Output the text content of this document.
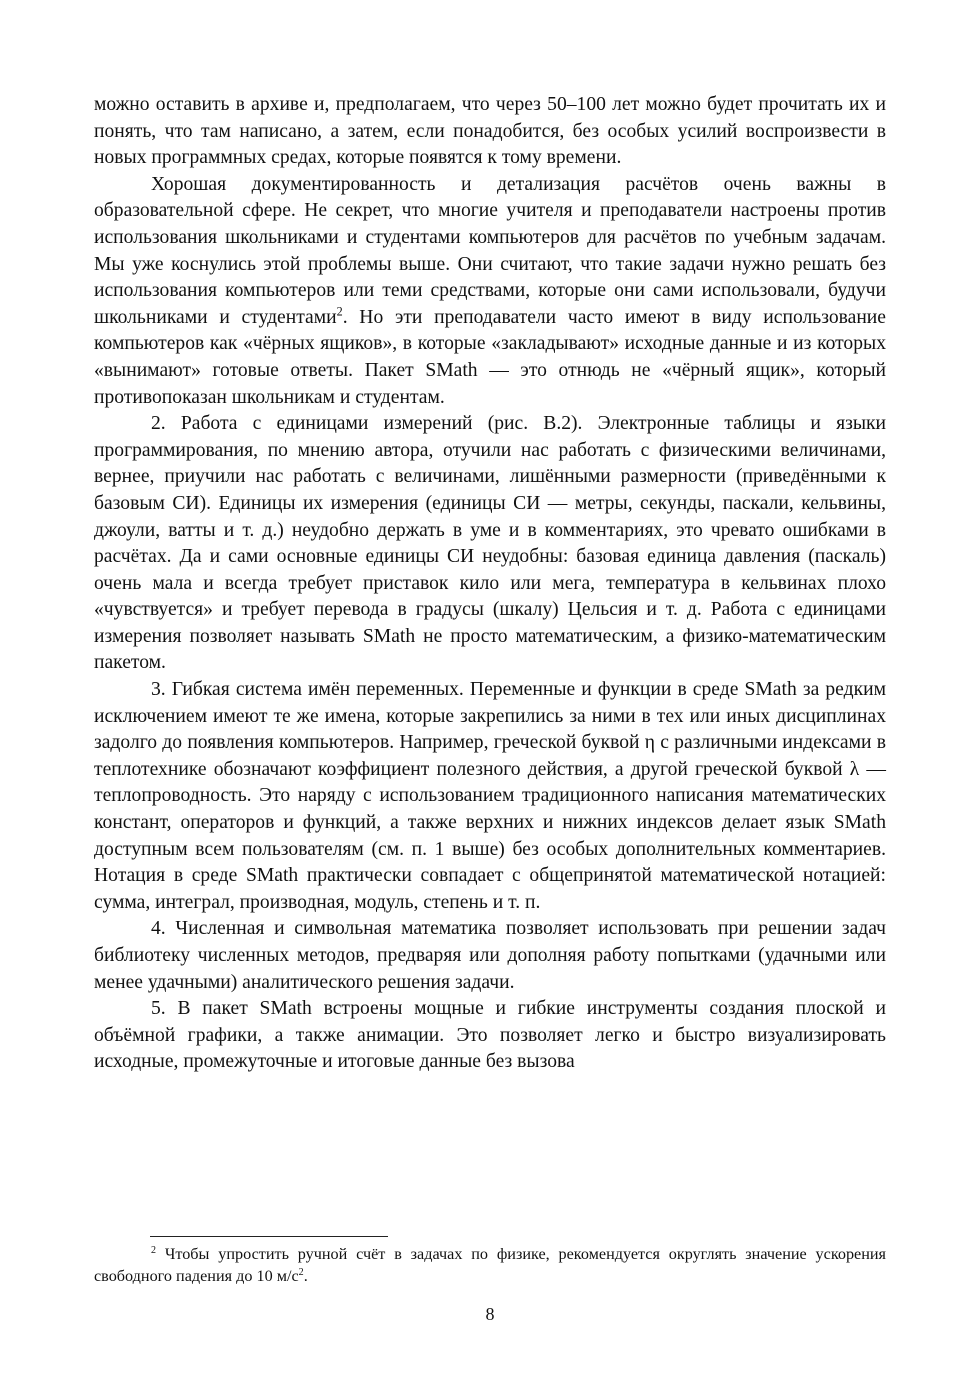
можно оставить в архиве и, предполагаем, что через 50–100 лет можно будет прочитать их и понять, что там написано, а затем, если понадобится, без особых усилий воспроизвести в новых программных средах, которые появятся к тому времени.

Хорошая документированность и детализация расчётов очень важны в образовательной сфере. Не секрет, что многие учителя и преподаватели настроены против использования школьниками и студентами компьютеров для расчётов по учебным задачам. Мы уже коснулись этой проблемы выше. Они считают, что такие задачи нужно решать без использования компьютеров или теми средствами, которые они сами использовали, будучи школьниками и студентами$^2$. Но эти преподаватели часто имеют в виду использование компьютеров как «чёрных ящиков», в которые «закладывают» исходные данные и из которых «вынимают» готовые ответы. Пакет SMath — это отнюдь не «чёрный ящик», который противопоказан школьникам и студентам.

2. Работа с единицами измерений (рис. В.2). Электронные таблицы и языки программирования, по мнению автора, отучили нас работать с физическими величинами, вернее, приучили нас работать с величинами, лишёнными размерности (приведёнными к базовым СИ). Единицы их измерения (единицы СИ — метры, секунды, паскали, кельвины, джоули, ватты и т. д.) неудобно держать в уме и в комментариях, это чревато ошибками в расчётах. Да и сами основные единицы СИ неудобны: базовая единица давления (паскаль) очень мала и всегда требует приставок кило или мега, температура в кельвинах плохо «чувствуется» и требует перевода в градусы (шкалу) Цельсия и т. д. Работа с единицами измерения позволяет называть SMath не просто математическим, а физико-математическим пакетом.

3. Гибкая система имён переменных. Переменные и функции в среде SMath за редким исключением имеют те же имена, которые закрепились за ними в тех или иных дисциплинах задолго до появления компьютеров. Например, греческой буквой η с различными индексами в теплотехнике обозначают коэффициент полезного действия, а другой греческой буквой λ — теплопроводность. Это наряду с использованием традиционного написания математических констант, операторов и функций, а также верхних и нижних индексов делает язык SMath доступным всем пользователям (см. п. 1 выше) без особых дополнительных комментариев. Нотация в среде SMath практически совпадает с общепринятой математической нотацией: сумма, интеграл, производная, модуль, степень и т. п.

4. Численная и символьная математика позволяет использовать при решении задач библиотеку численных методов, предваряя или дополняя работу попытками (удачными или менее удачными) аналитического решения задачи.

5. В пакет SMath встроены мощные и гибкие инструменты создания плоской и объёмной графики, а также анимации. Это позволяет легко и быстро визуализировать исходные, промежуточные и итоговые данные без вызова

$^2$ Чтобы упростить ручной счёт в задачах по физике, рекомендуется округлять значение ускорения свободного падения до 10 $м/с^2$.

8
